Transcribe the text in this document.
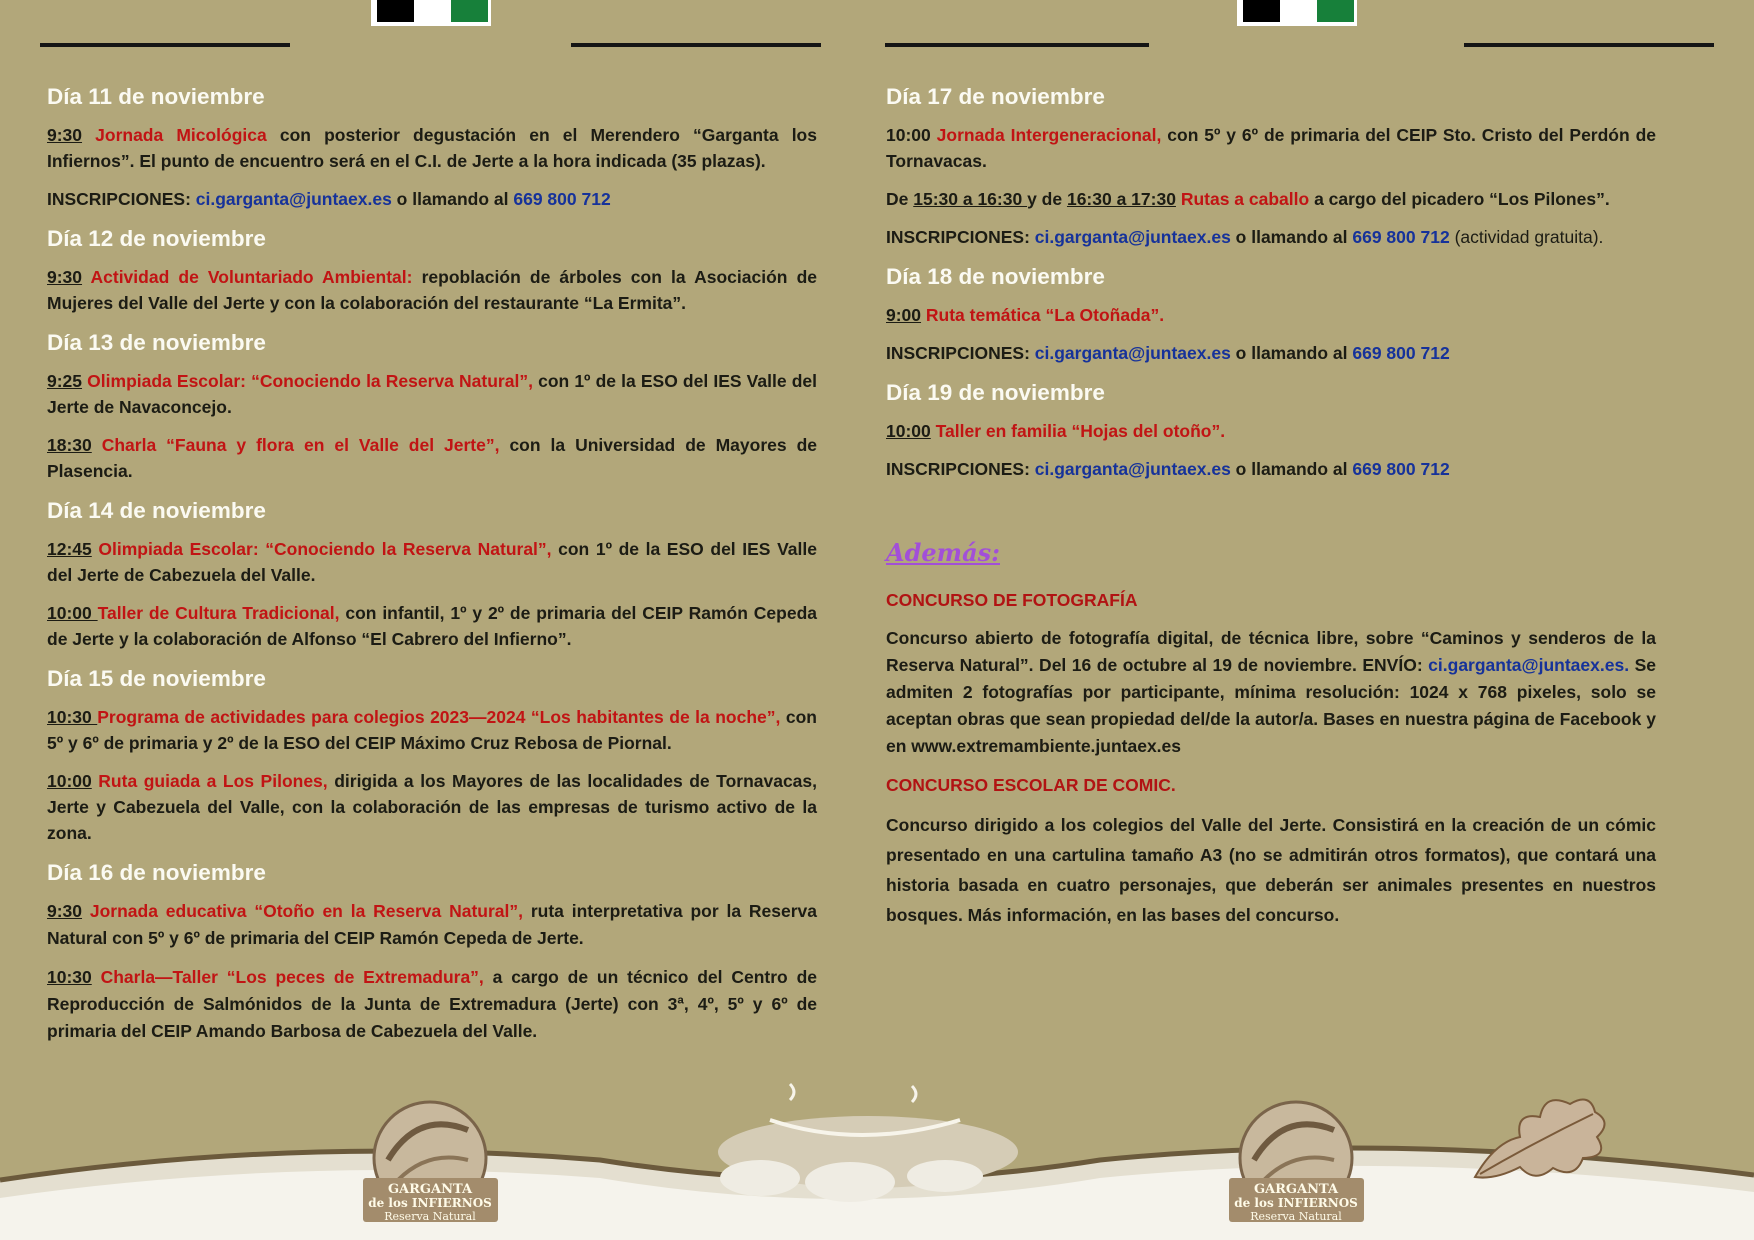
Día 11 de noviembre
9:30 Jornada Micológica con posterior degustación en el Merendero “Garganta los Infiernos”. El punto de encuentro será en el C.I. de Jerte a la hora indicada (35 plazas).
INSCRIPCIONES: ci.garganta@juntaex.es o llamando al 669 800 712
Día 12 de noviembre
9:30 Actividad de Voluntariado Ambiental: repoblación de árboles con la Asociación de Mujeres del Valle del Jerte y con la colaboración del restaurante “La Ermita”.
Día 13 de noviembre
9:25 Olimpiada Escolar: “Conociendo la Reserva Natural”, con 1º de la ESO del IES Valle del Jerte de Navaconcejo.
18:30 Charla “Fauna y flora en el Valle del Jerte”, con la Universidad de Mayores de Plasencia.
Día 14 de noviembre
12:45 Olimpiada Escolar: “Conociendo la Reserva Natural”, con 1º de la ESO del IES Valle del Jerte de Cabezuela del Valle.
10:00 Taller de Cultura Tradicional, con infantil, 1º y 2º de primaria del CEIP Ramón Cepeda de Jerte y la colaboración de Alfonso “El Cabrero del Infierno”.
Día 15 de noviembre
10:30 Programa de actividades para colegios 2023—2024 “Los habitantes de la noche”, con 5º y 6º de primaria y 2º de la ESO del CEIP Máximo Cruz Rebosa de Piornal.
10:00 Ruta guiada a Los Pilones, dirigida a los Mayores de las localidades de Tornavacas, Jerte y Cabezuela del Valle, con la colaboración de las empresas de turismo activo de la zona.
Día 16 de noviembre
9:30 Jornada educativa “Otoño en la Reserva Natural”, ruta interpretativa por la Reserva Natural con 5º y 6º de primaria del CEIP Ramón Cepeda de Jerte.
10:30 Charla—Taller “Los peces de Extremadura”, a cargo de un técnico del Centro de Reproducción de Salmónidos de la Junta de Extremadura (Jerte) con 3ª, 4º, 5º y 6º de primaria del CEIP Amando Barbosa de Cabezuela del Valle.
Día 17 de noviembre
10:00 Jornada Intergeneracional, con 5º y 6º de primaria del CEIP Sto. Cristo del Perdón de Tornavacas.
De 15:30 a 16:30 y de 16:30 a 17:30 Rutas a caballo a cargo del picadero “Los Pilones”.
INSCRIPCIONES: ci.garganta@juntaex.es o llamando al 669 800 712 (actividad gratuita).
Día 18 de noviembre
9:00 Ruta temática “La Otoñada”.
INSCRIPCIONES: ci.garganta@juntaex.es o llamando al 669 800 712
Día 19 de noviembre
10:00 Taller en familia “Hojas del otoño”.
INSCRIPCIONES: ci.garganta@juntaex.es o llamando al 669 800 712
Además:
CONCURSO DE FOTOGRAFÍA
Concurso abierto de fotografía digital, de técnica libre, sobre “Caminos y senderos de la Reserva Natural”. Del 16 de octubre al 19 de noviembre. ENVÍO: ci.garganta@juntaex.es. Se admiten 2 fotografías por participante, mínima resolución: 1024 x 768 pixeles, solo se aceptan obras que sean propiedad del/de la autor/a. Bases en nuestra página de Facebook y en www.extremambiente.juntaex.es
CONCURSO ESCOLAR DE COMIC.
Concurso dirigido a los colegios del Valle del Jerte. Consistirá en la creación de un cómic presentado en una cartulina tamaño A3 (no se admitirán otros formatos), que contará una historia basada en cuatro personajes, que deberán ser animales presentes en nuestros bosques. Más información, en las bases del concurso.
GARGANTA
de los INFIERNOS
Reserva Natural
GARGANTA
de los INFIERNOS
Reserva Natural
